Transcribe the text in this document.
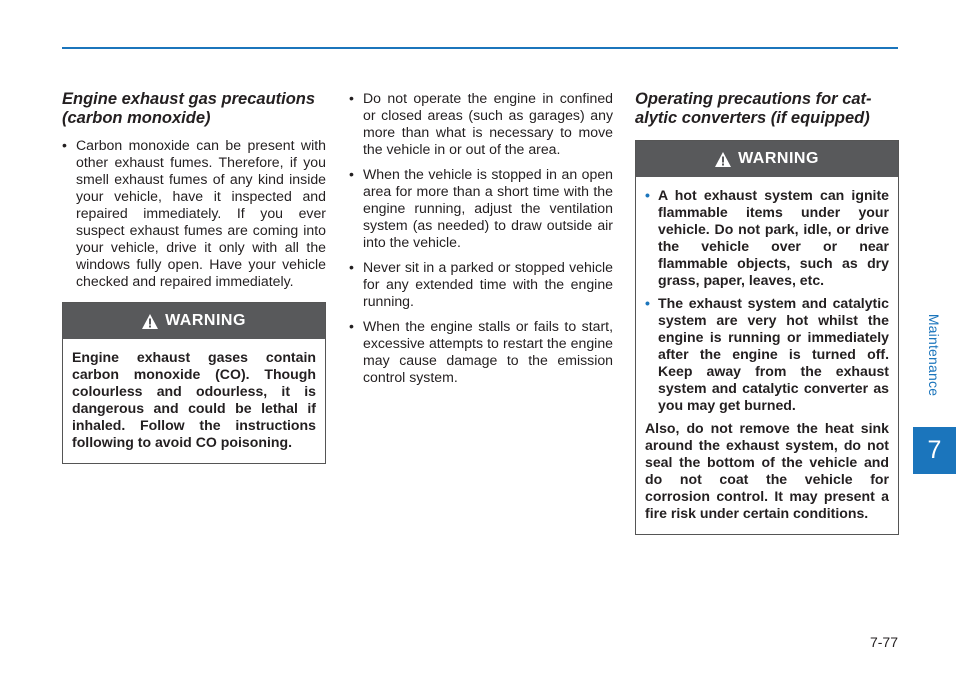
Maintenance
7
Engine exhaust gas precautions
(carbon monoxide)
• Carbon monoxide can be present with other exhaust fumes. Therefore, if you smell exhaust fumes of any kind inside your vehicle, have it inspected and repaired immediately. If you ever suspect exhaust fumes are coming into your vehicle, drive it only with all the windows fully open. Have your vehicle checked and repaired immediately.
WARNING

Engine exhaust gases contain carbon monoxide (CO). Though colourless and odourless, it is dangerous and could be lethal if inhaled. Follow the instructions following to avoid CO poisoning.

• Do not operate the engine in confined or closed areas (such as garages) any more than what is necessary to move the vehicle in or out of the area.
• When the vehicle is stopped in an open area for more than a short time with the engine running, adjust the ventilation system (as needed) to draw outside air into the vehicle.
• Never sit in a parked or stopped vehicle for any extended time with the engine running.
• When the engine stalls or fails to start, excessive attempts to restart the engine may cause damage to the emission control system.
Operating precautions for cat-
alytic converters (if equipped)
WARNING
• A hot exhaust system can ignite flammable items under your vehicle. Do not park, idle, or drive the vehicle over or near flammable objects, such as dry grass, paper, leaves, etc.
• The exhaust system and catalytic system are very hot whilst the engine is running or immediately after the engine is turned off. Keep away from the exhaust system and catalytic converter as you may get burned.

Also, do not remove the heat sink around the exhaust system, do not seal the bottom of the vehicle and do not coat the vehicle for corrosion control. It may present a fire risk under certain conditions.

7-77
